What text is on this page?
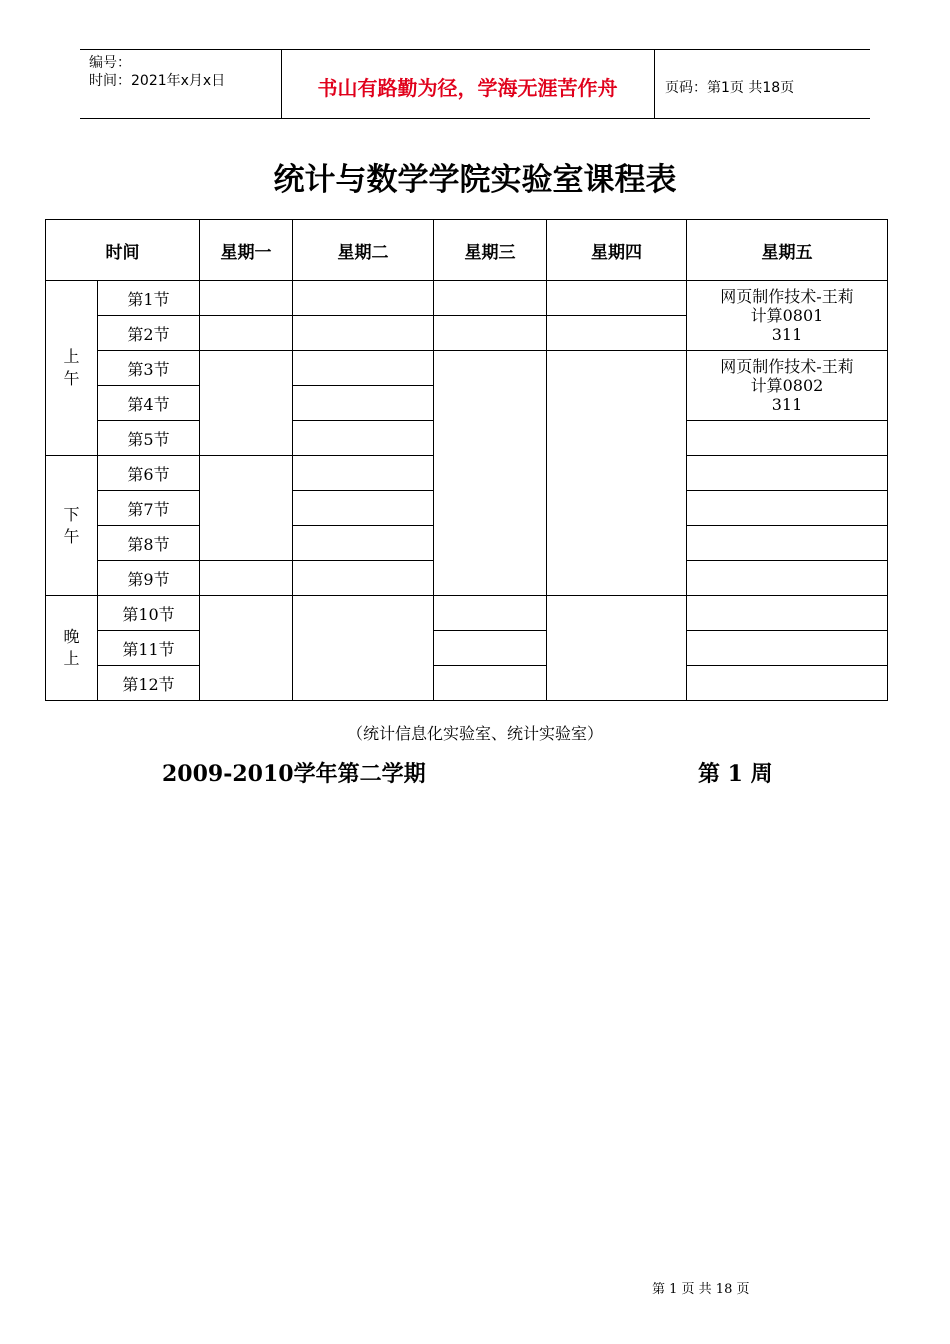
编号：
时间：2021年x月x日	书山有路勤为径，学海无涯苦作舟	页码：第1页 共18页
统计与数学学院实验室课程表
时间		星期一	星期二	星期三	星期四	星期五

上
午	第1节					网页制作技术-王莉
计算0801
311

	第2节					
	第3节					网页制作技术-王莉
计算0802
311

	第4节					
	第5节					

下
午	第6节					
	第7节					
	第8节					
	第9节					

晚
上	第10节					
	第11节					
	第12节					
（统计信息化实验室、统计实验室）
2009-2010学年第二学期	第 1 周
第 1 页 共 18 页
